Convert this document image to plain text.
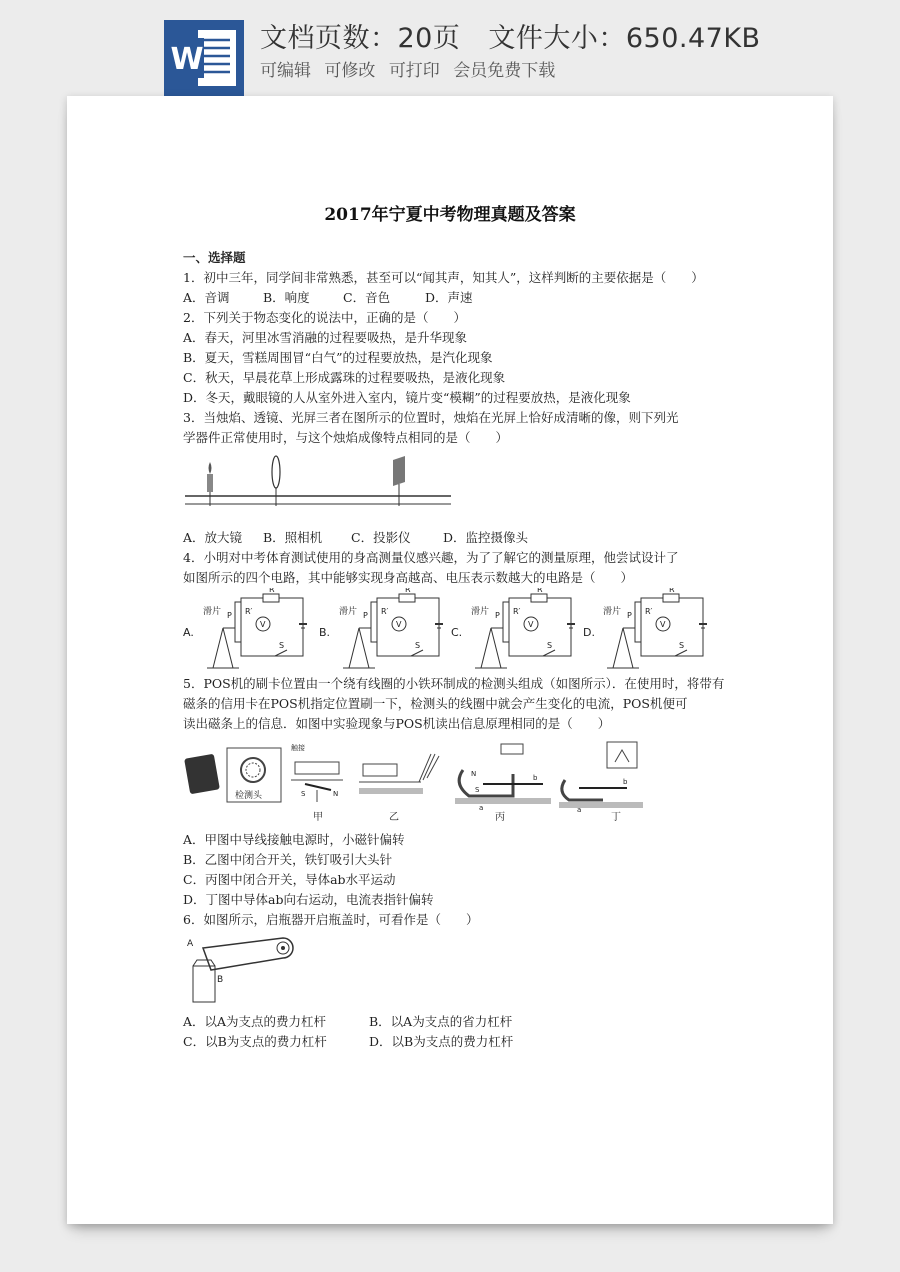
W
文档页数：20页 文件大小：650.47KB
可编辑 可修改 可打印 会员免费下载
2017年宁夏中考物理真题及答案
一、选择题
1．初中三年，同学间非常熟悉，甚至可以“闻其声，知其人”，这样判断的主要依据是（　　）
A．音调	B．响度	C．音色	D．声速
2．下列关于物态变化的说法中，正确的是（　　）
A．春天，河里冰雪消融的过程要吸热，是升华现象
B．夏天，雪糕周围冒“白气”的过程要放热，是汽化现象
C．秋天，早晨花草上形成露珠的过程要吸热，是液化现象
D．冬天，戴眼镜的人从室外进入室内，镜片变“模糊”的过程要放热，是液化现象
3．当烛焰、透镜、光屏三者在图所示的位置时，烛焰在光屏上恰好成清晰的像，则下列光
学器件正常使用时，与这个烛焰成像特点相同的是（　　）
A．放大镜 B．照相机 C．投影仪	D．监控摄像头
4．小明对中考体育测试使用的身高测量仪感兴趣，为了了解它的测量原理，他尝试设计了
如图所示的四个电路，其中能够实现身高越高、电压表示数越大的电路是（　　）
A.
滑片 P
R
R′
V
S
B.
滑片 P
R
R′
V
S
C.
滑片 P
R
R′
V
S
D.
滑片 P
R
R′
V
S
5．POS机的刷卡位置由一个绕有线圈的小铁环制成的检测头组成（如图所示）．在使用时，将带有
磁条的信用卡在POS机指定位置刷一下，检测头的线圈中就会产生变化的电流，POS机便可
读出磁条上的信息．如图中实验现象与POS机读出信息原理相同的是（　　）
检测头
触接
S	N
甲	乙
N
S
a
b
丙
a
b
丁
A．甲图中导线接触电源时，小磁针偏转
B．乙图中闭合开关，铁钉吸引大头针
C．丙图中闭合开关，导体ab水平运动
D．丁图中导体ab向右运动，电流表指针偏转
6．如图所示，启瓶器开启瓶盖时，可看作是（　　）
A
B
A．以A为支点的费力杠杆	B．以A为支点的省力杠杆
C．以B为支点的费力杠杆	D．以B为支点的费力杠杆
